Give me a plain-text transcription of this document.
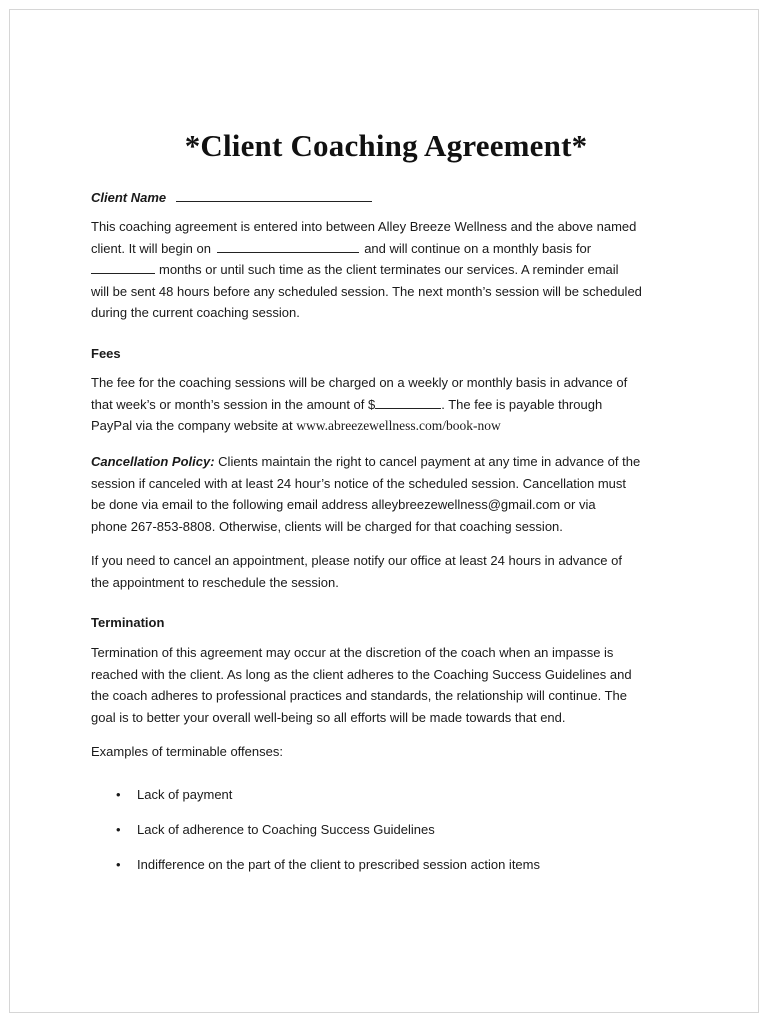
*Client Coaching Agreement*
Client Name
This coaching agreement is entered into between Alley Breeze Wellness and the above named
client. It will begin on	and will continue on a monthly basis for
months or until such time as the client terminates our services. A reminder email
will be sent 48 hours before any scheduled session. The next month’s session will be scheduled
during the current coaching session.
Fees
The fee for the coaching sessions will be charged on a weekly or monthly basis in advance of
that week’s or month’s session in the amount of $	. The fee is payable through
PayPal via the company website at www.abreezewellness.com/book-now
Cancellation Policy: Clients maintain the right to cancel payment at any time in advance of the
session if canceled with at least 24 hour’s notice of the scheduled session. Cancellation must
be done via email to the following email address alleybreezewellness@gmail.com or via
phone 267-853-8808. Otherwise, clients will be charged for that coaching session.
If you need to cancel an appointment, please notify our office at least 24 hours in advance of
the appointment to reschedule the session.
Termination
Termination of this agreement may occur at the discretion of the coach when an impasse is
reached with the client. As long as the client adheres to the Coaching Success Guidelines and
the coach adheres to professional practices and standards, the relationship will continue. The
goal is to better your overall well-being so all efforts will be made towards that end.
Examples of terminable offenses:
• Lack of payment
• Lack of adherence to Coaching Success Guidelines
• Indifference on the part of the client to prescribed session action items
